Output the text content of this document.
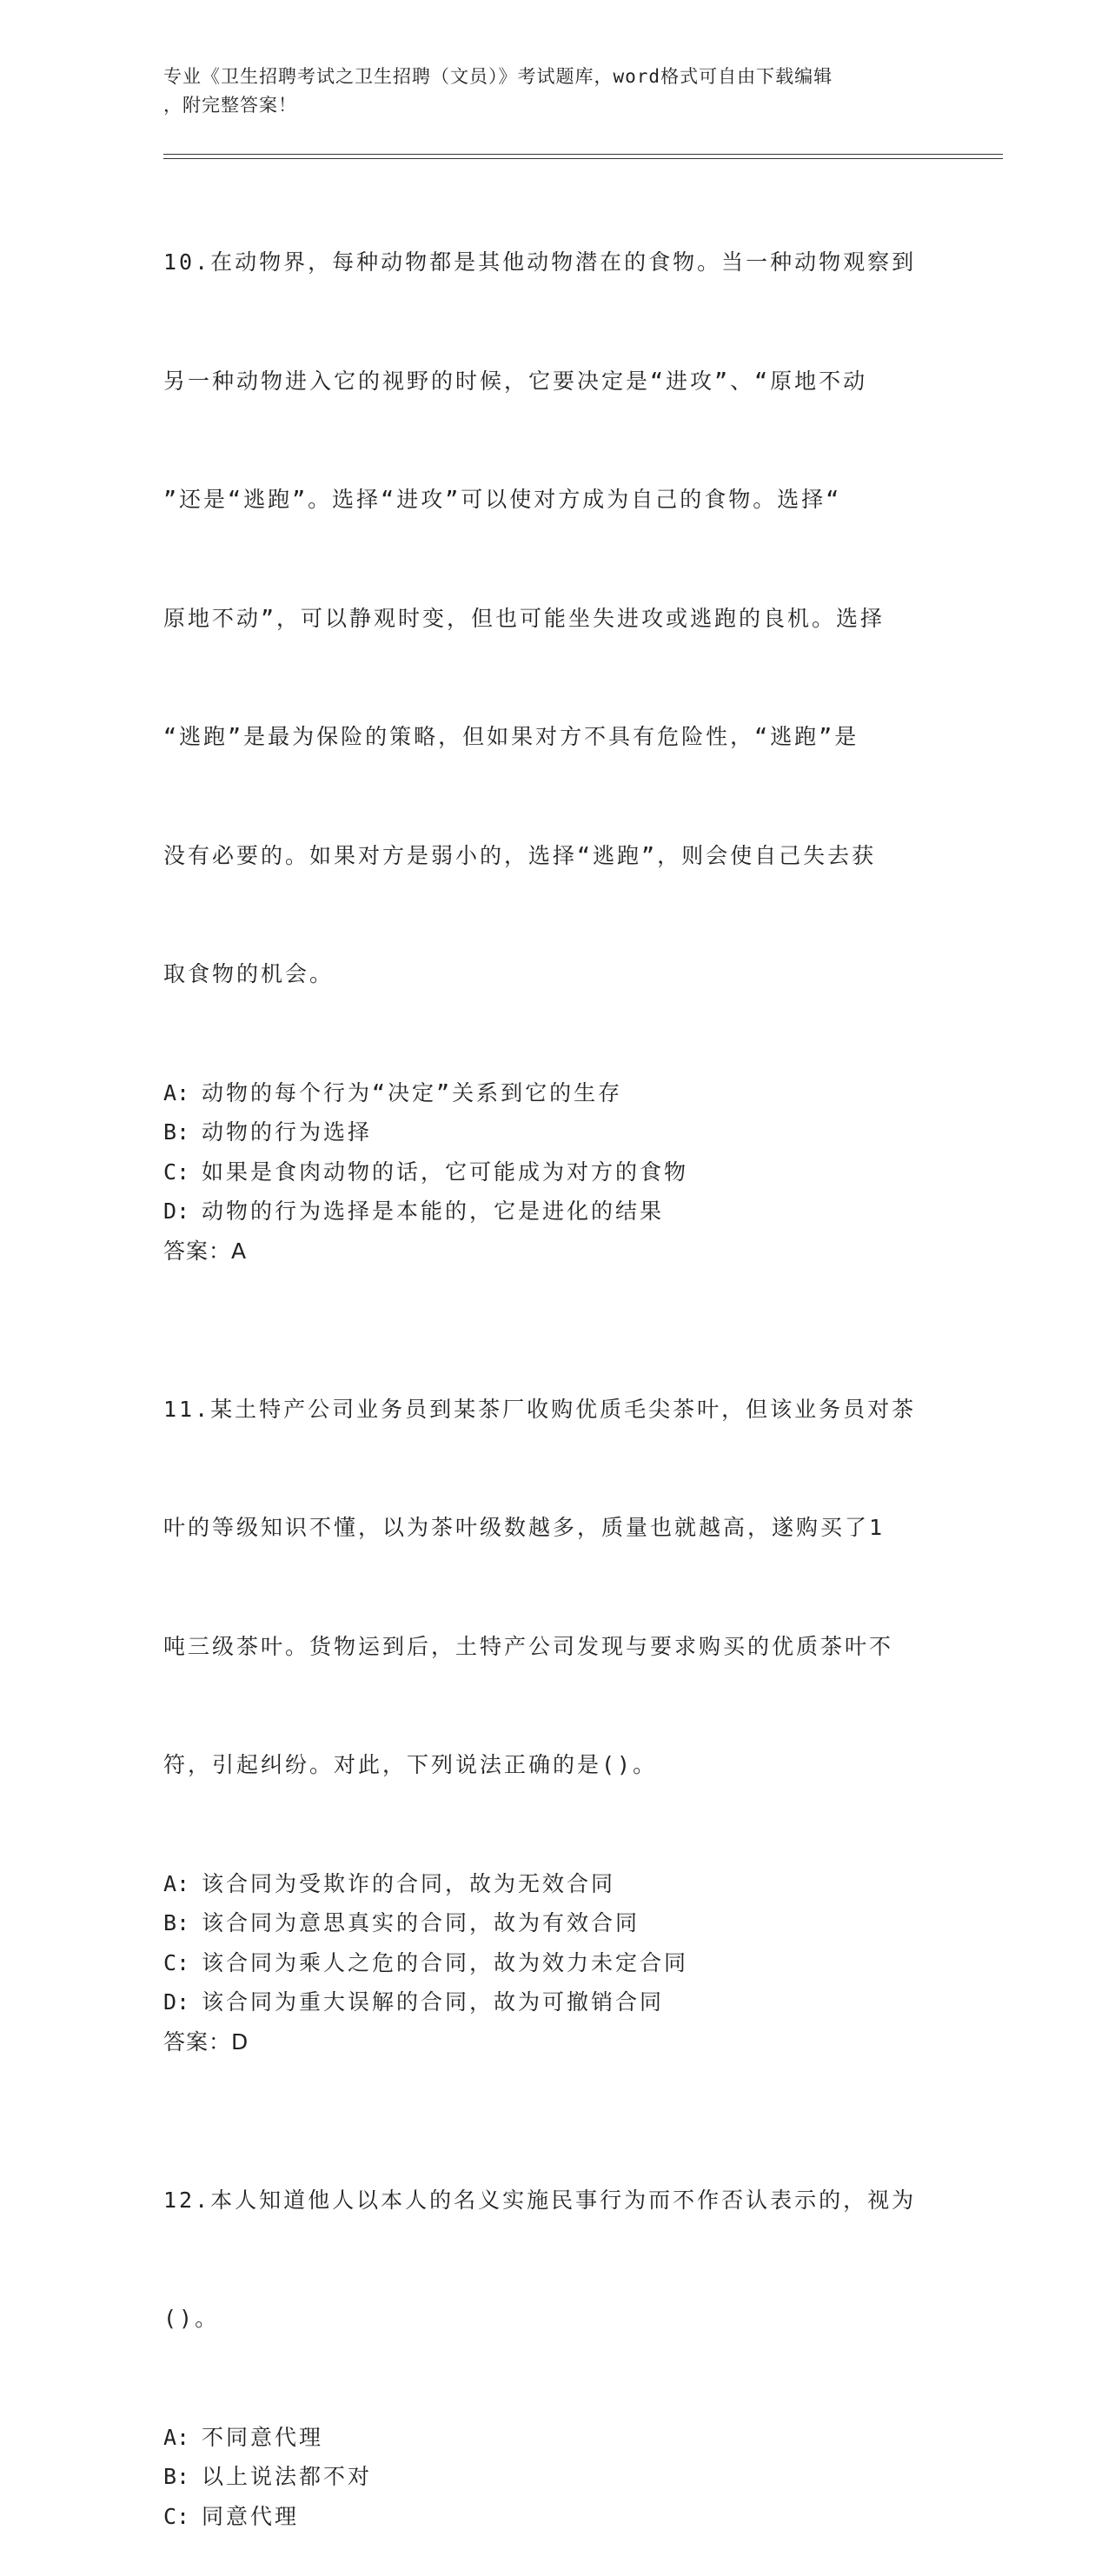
专业《卫生招聘考试之卫生招聘（文员）》考试题库，word格式可自由下载编辑
，附完整答案！

10.在动物界，每种动物都是其他动物潜在的食物。当一种动物观察到

另一种动物进入它的视野的时候，它要决定是“进攻”、“原地不动

”还是“逃跑”。选择“进攻”可以使对方成为自己的食物。选择“

原地不动”，可以静观时变，但也可能坐失进攻或逃跑的良机。选择

“逃跑”是最为保险的策略，但如果对方不具有危险性，“逃跑”是

没有必要的。如果对方是弱小的，选择“逃跑”，则会使自己失去获

取食物的机会。

A: 动物的每个行为“决定”关系到它的生存
B: 动物的行为选择
C: 如果是食肉动物的话，它可能成为对方的食物
D: 动物的行为选择是本能的，它是进化的结果
答案：A

11.某土特产公司业务员到某茶厂收购优质毛尖茶叶，但该业务员对茶

叶的等级知识不懂，以为茶叶级数越多，质量也就越高，遂购买了1

吨三级茶叶。货物运到后，土特产公司发现与要求购买的优质茶叶不

符，引起纠纷。对此，下列说法正确的是()。

A: 该合同为受欺诈的合同，故为无效合同
B: 该合同为意思真实的合同，故为有效合同
C: 该合同为乘人之危的合同，故为效力未定合同
D: 该合同为重大误解的合同，故为可撤销合同
答案：D

12.本人知道他人以本人的名义实施民事行为而不作否认表示的，视为

()。

A: 不同意代理
B: 以上说法都不对
C: 同意代理
